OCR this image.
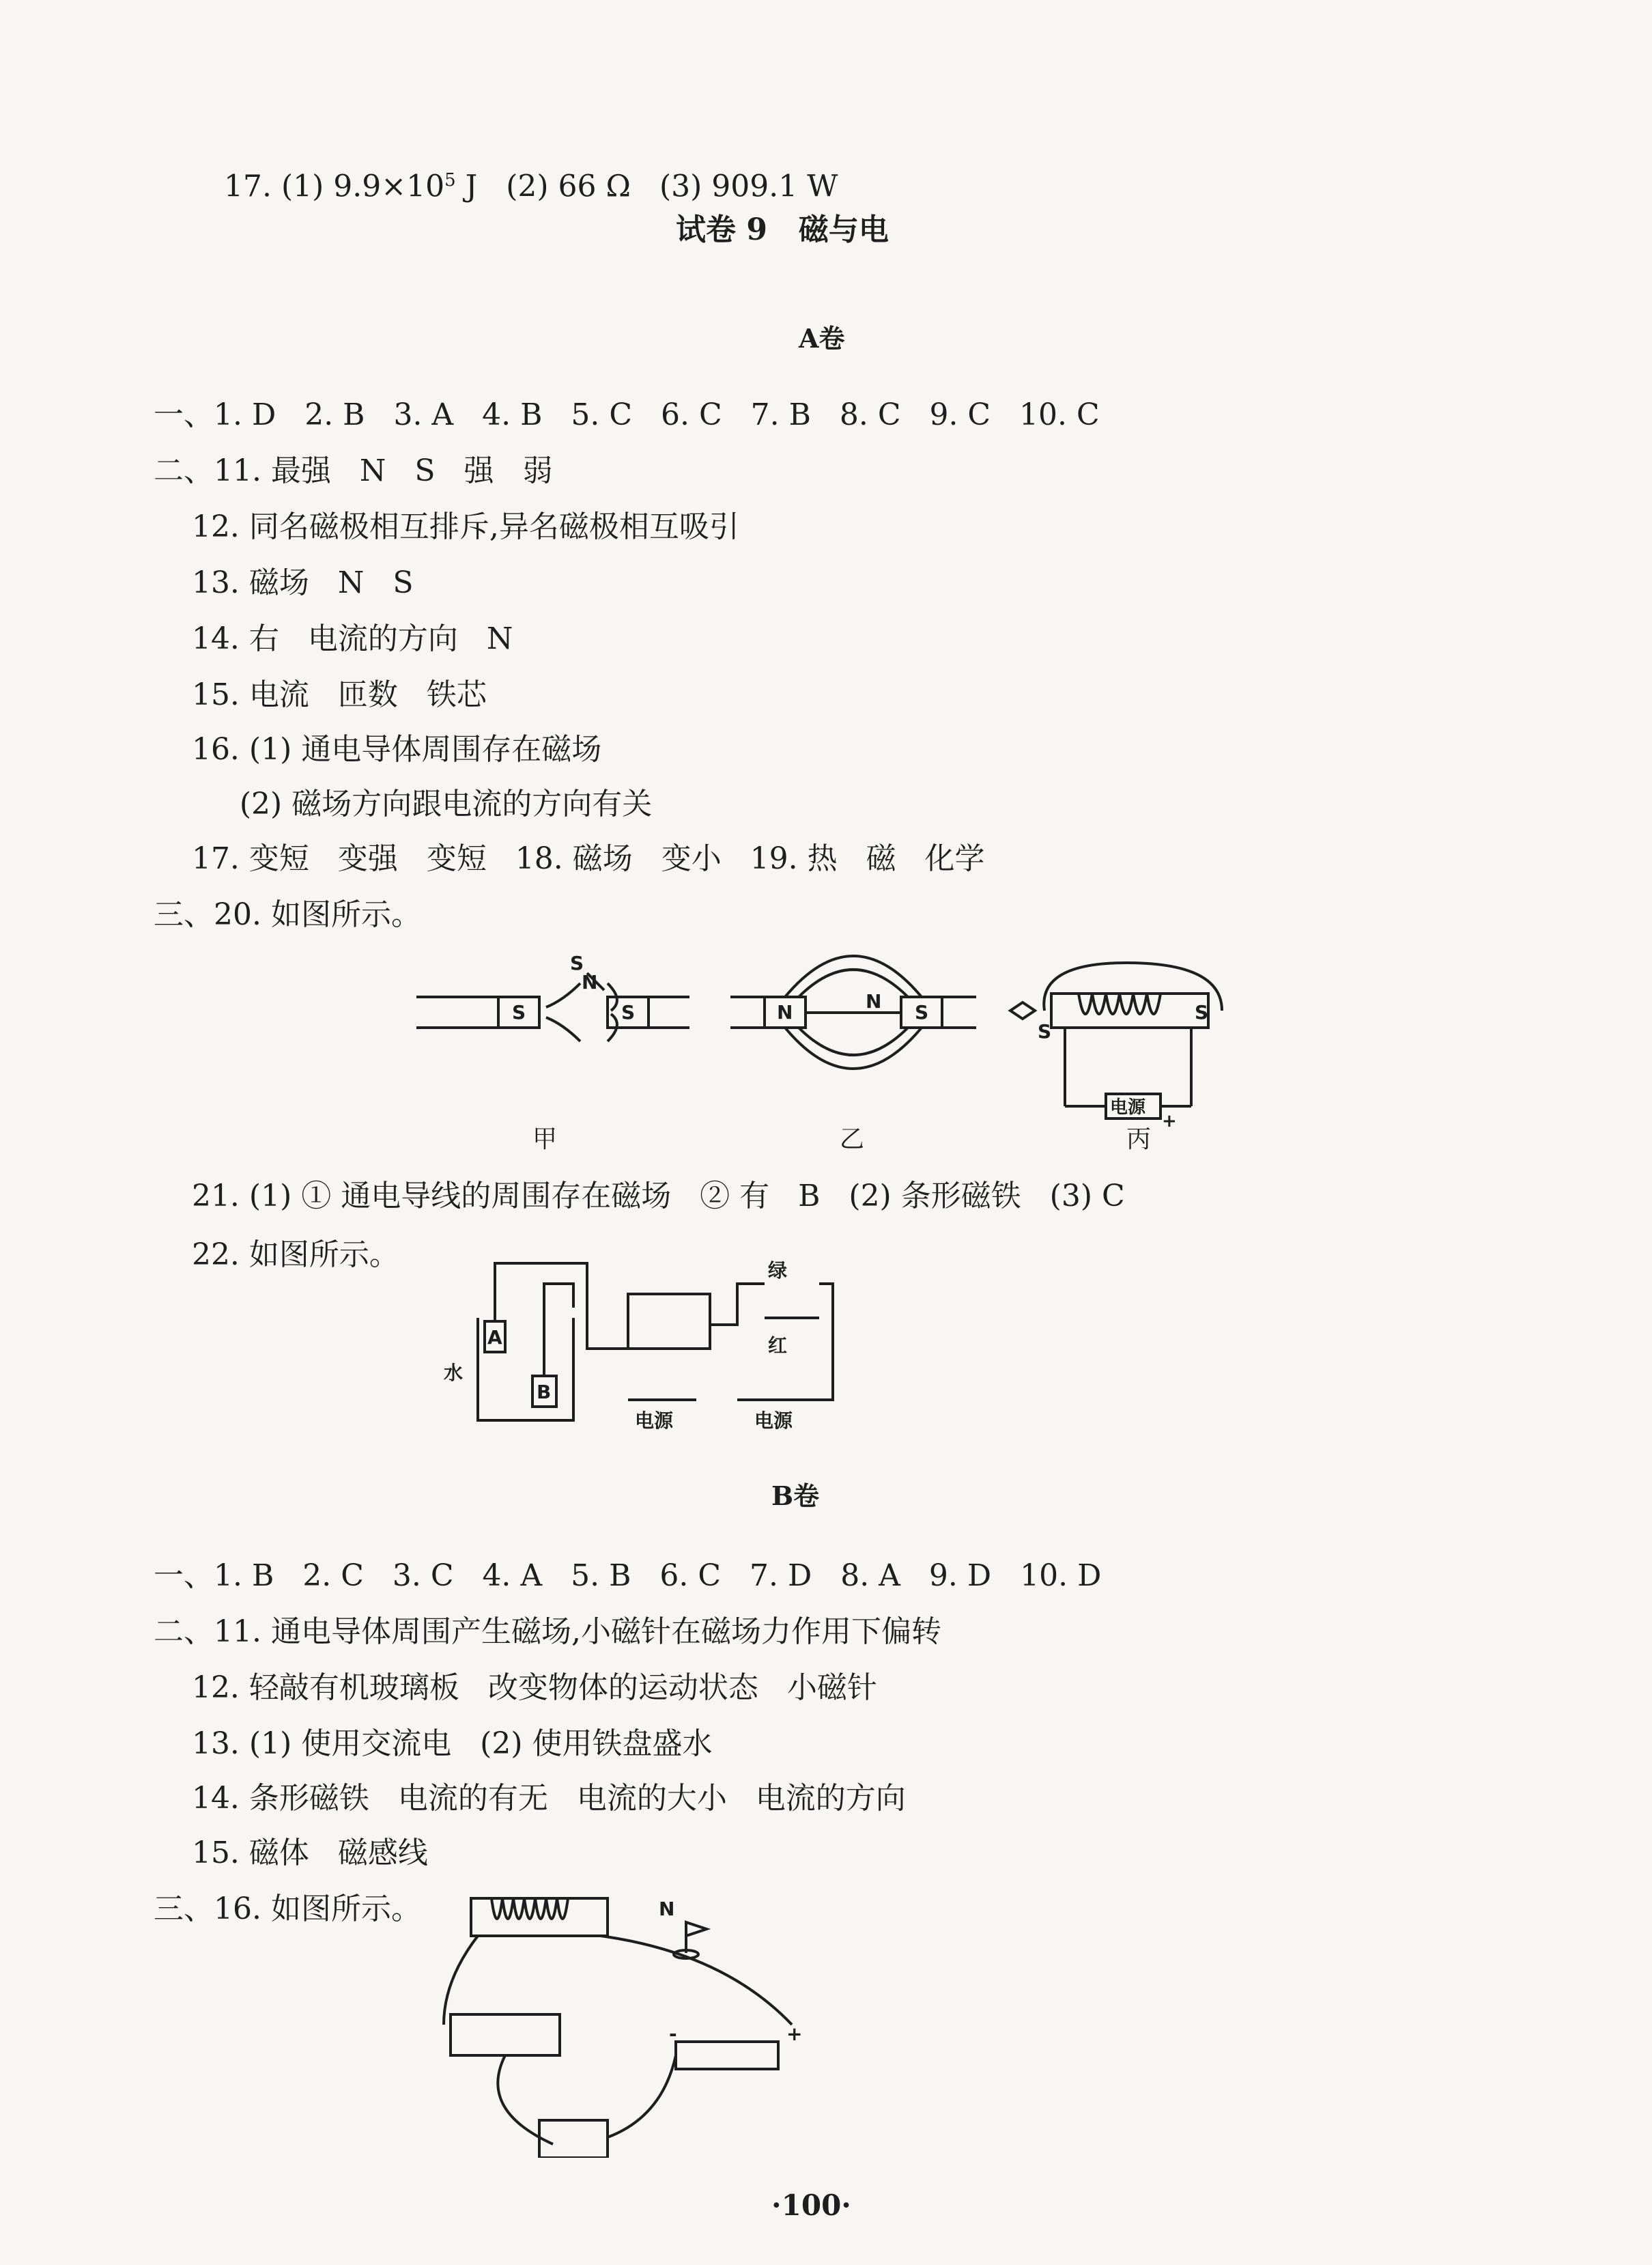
17. (1) $9.9\times 10^5$ J   (2) 66 Ω   (3) 909.1 W

试卷 9   磁与电
A卷
一、1. D   2. B   3. A   4. B   5. C   6. C   7. B   8. C   9. C   10. C
二、11. 最强   N   S   强   弱
12. 同名磁极相互排斥,异名磁极相互吸引
13. 磁场   N   S
14. 右   电流的方向   N
15. 电流   匝数   铁芯
16. (1) 通电导体周围存在磁场
(2) 磁场方向跟电流的方向有关
17. 变短   变强   变短   18. 磁场   变小   19. 热   磁   化学
三、20. 如图所示。
S	S
S
N
N	N S	S
S
电源
+
甲	乙	丙
21. (1) ① 通电导线的周围存在磁场   ② 有   B   (2) 条形磁铁   (3) C
22. 如图所示。
A
B
水
绿
红
电源	电源
B卷
一、1. B   2. C   3. C   4. A   5. B   6. C   7. D   8. A   9. D   10. D
二、11. 通电导体周围产生磁场,小磁针在磁场力作用下偏转
12. 轻敲有机玻璃板   改变物体的运动状态   小磁针
13. (1) 使用交流电   (2) 使用铁盘盛水
14. 条形磁铁   电流的有无   电流的大小   电流的方向
15. 磁体   磁感线
三、16. 如图所示。	N
+
-
·100·
